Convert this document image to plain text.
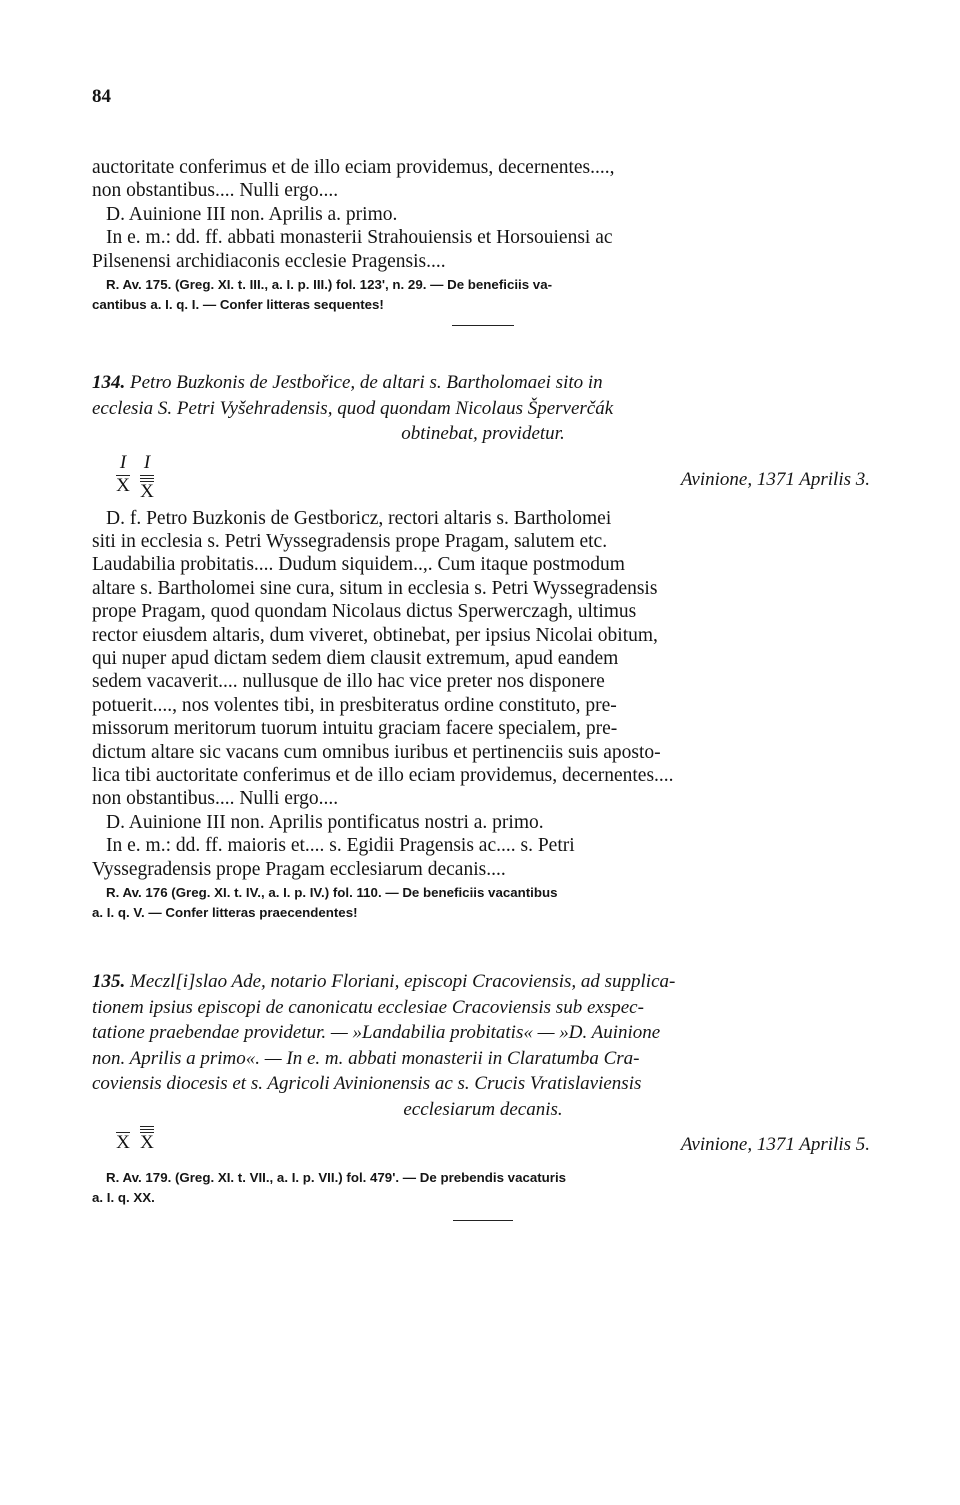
84

auctoritate conferimus et de illo eciam providemus, decernentes....,

non obstantibus.... Nulli ergo....

D. Auinione III non. Aprilis a. primo.

In e. m.: dd. ff. abbati monasterii Strahouiensis et Horsouiensi ac

Pilsenensi archidiaconis ecclesie Pragensis....

R. Av. 175. (Greg. XI. t. III., a. I. p. III.) fol. 123', n. 29. — De beneficiis va-

cantibus a. I. q. I. — Confer litteras sequentes!

134. Petro Buzkonis de Jestbořice, de altari s. Bartholomaei sito in

ecclesia S. Petri Vyšehradensis, quod quondam Nicolaus Šperverčák

obtinebat, providetur.

I
X
I
X
Avinione, 1371 Aprilis 3.

D. f. Petro Buzkonis de Gestboricz, rectori altaris s. Bartholomei

siti in ecclesia s. Petri Wyssegradensis prope Pragam, salutem etc.

Laudabilia probitatis.... Dudum siquidem..,. Cum itaque postmodum

altare s. Bartholomei sine cura, situm in ecclesia s. Petri Wyssegradensis

prope Pragam, quod quondam Nicolaus dictus Sperwerczagh, ultimus

rector eiusdem altaris, dum viveret, obtinebat, per ipsius Nicolai obitum,

qui nuper apud dictam sedem diem clausit extremum, apud eandem

sedem vacaverit.... nullusque de illo hac vice preter nos disponere

potuerit...., nos volentes tibi, in presbiteratus ordine constituto, pre-

missorum meritorum tuorum intuitu graciam facere specialem, pre-

dictum altare sic vacans cum omnibus iuribus et pertinenciis suis aposto-

lica tibi auctoritate conferimus et de illo eciam providemus, decernentes....

non obstantibus.... Nulli ergo....

D. Auinione III non. Aprilis pontificatus nostri a. primo.

In e. m.: dd. ff. maioris et.... s. Egidii Pragensis ac.... s. Petri

Vyssegradensis prope Pragam ecclesiarum decanis....

R. Av. 176 (Greg. XI. t. IV., a. I. p. IV.) fol. 110. — De beneficiis vacantibus

a. I. q. V. — Confer litteras praecendentes!

135. Meczl[i]slao Ade, notario Floriani, episcopi Cracoviensis, ad supplica-

tionem ipsius episcopi de canonicatu ecclesiae Cracoviensis sub exspec-

tatione praebendae providetur. — »Landabilia probitatis« — »D. Auinione

non. Aprilis a primo«. — In e. m. abbati monasterii in Claratumba Cra-

coviensis diocesis et s. Agricoli Avinionensis ac s. Crucis Vratislaviensis

ecclesiarum decanis.

X X	Avinione, 1371 Aprilis 5.

R. Av. 179. (Greg. XI. t. VII., a. I. p. VII.) fol. 479'. — De prebendis vacaturis

a. I. q. XX.
